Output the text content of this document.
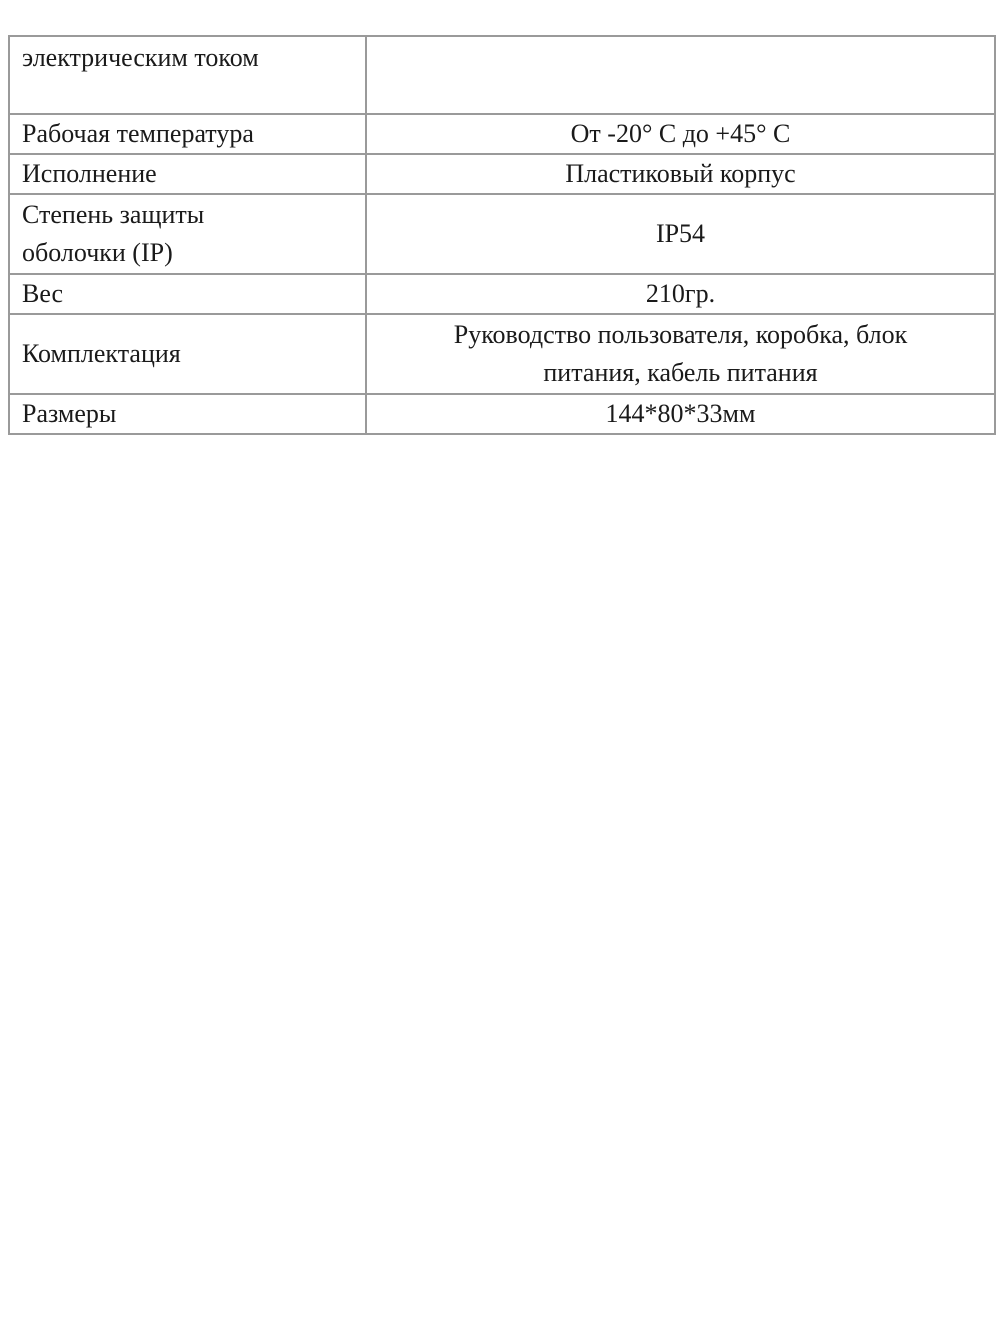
электрическим током	

Рабочая температура	От -20° С до +45° С

Исполнение	Пластиковый корпус

Степень защиты
оболочки (IP)	IP54

Вес	210гр.

Комплектация	Руководство пользователя, коробка, блок
питания, кабель питания

Размеры	144*80*33мм
